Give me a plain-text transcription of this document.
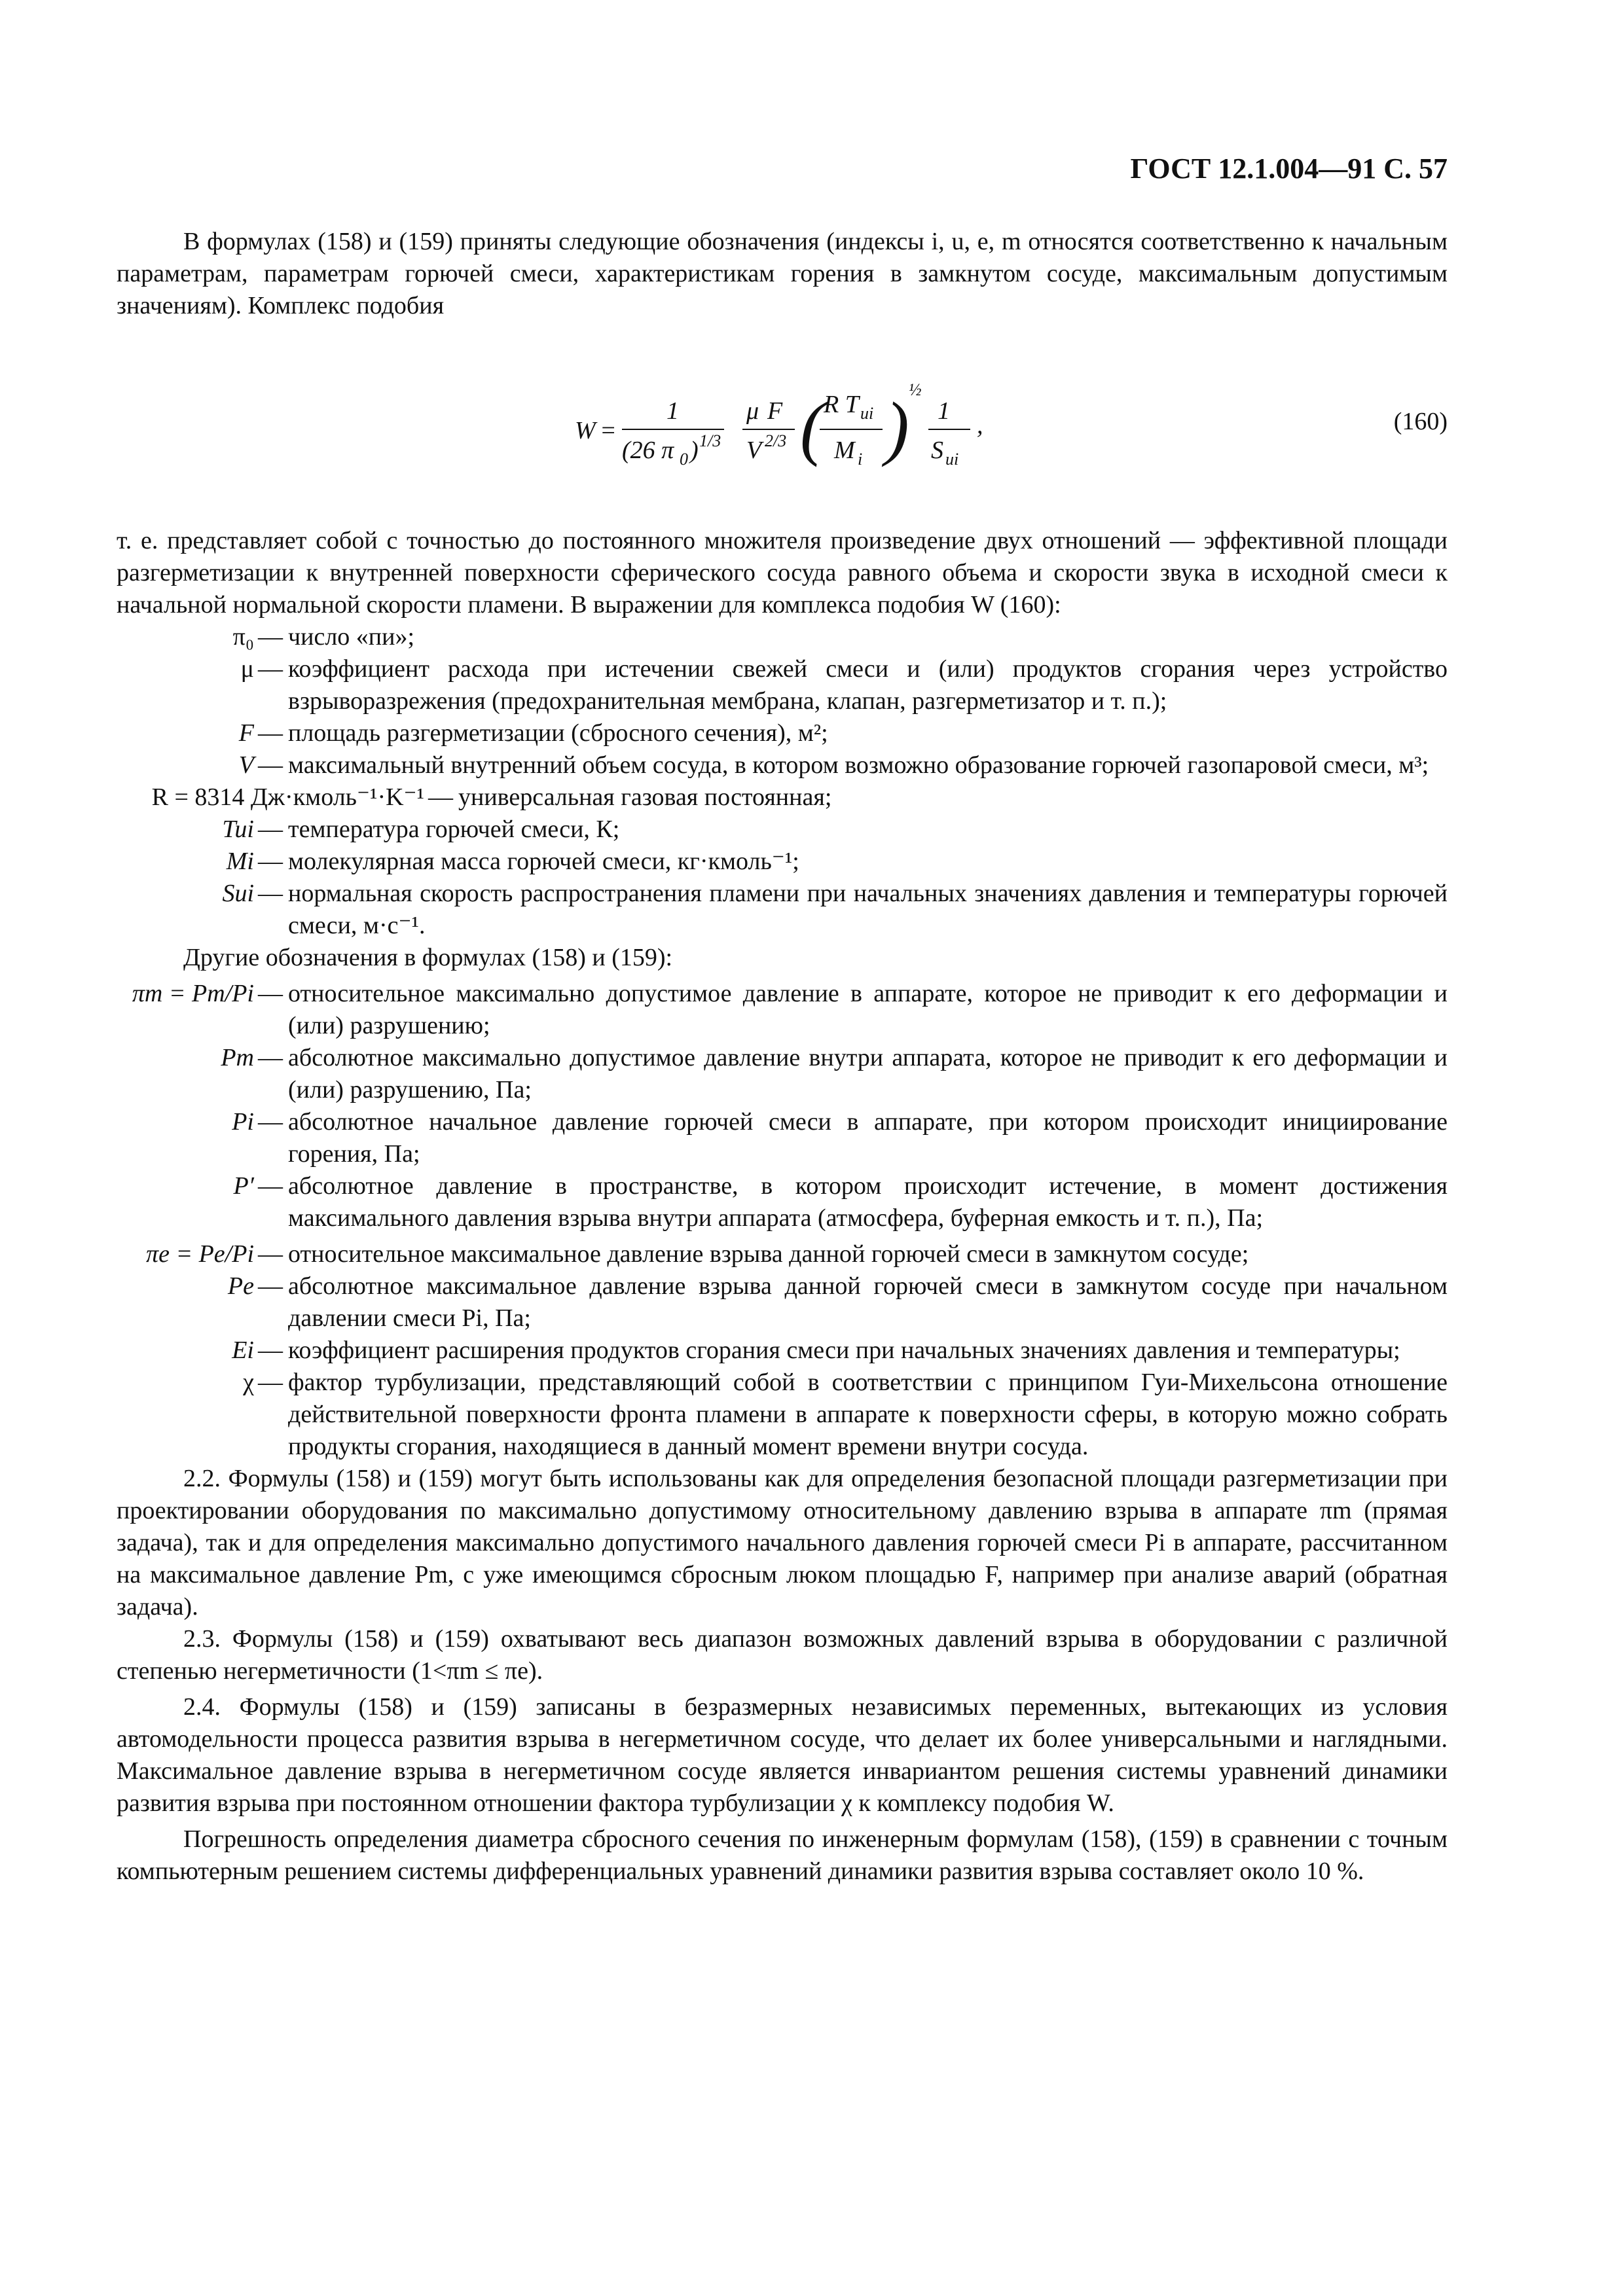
ГОСТ 12.1.004—91 С. 57

В формулах (158) и (159) приняты следующие обозначения (индексы i, u, e, m относятся соответственно к начальным параметрам, параметрам горючей смеси, характеристикам горения в замкнутом сосуде, максимальным допустимым значениям). Комплекс подобия

W =
1
(26 π 0 ) 1/3
μ F
V 2/3 ( R T ui
M i ) ½
1
S ui
,	(160)

т. е. представляет собой с точностью до постоянного множителя произведение двух отношений — эффективной площади разгерметизации к внутренней поверхности сферического сосуда равного объема и скорости звука в исходной смеси к начальной нормальной скорости пламени. В выражении для комплекса подобия W (160):

π₀ — число «пи»;
μ — коэффициент расхода при истечении свежей смеси и (или) продуктов сгорания через устройство взрыворазрежения (предохранительная мембрана, клапан, разгерметизатор и т. п.);
F — площадь разгерметизации (сбросного сечения), м²;
V — максимальный внутренний объем сосуда, в котором возможно образование горючей газопаровой смеси, м³;
R = 8314 Дж·кмоль⁻¹·K⁻¹ — универсальная газовая постоянная;
Tui — температура горючей смеси, К;
Mi — молекулярная масса горючей смеси, кг·кмоль⁻¹;
Sui — нормальная скорость распространения пламени при начальных значениях давления и температуры горючей смеси, м·с⁻¹.

Другие обозначения в формулах (158) и (159):

πm = Pm/Pi — относительное максимально допустимое давление в аппарате, которое не приводит к его деформации и (или) разрушению;
Pm — абсолютное максимально допустимое давление внутри аппарата, которое не приводит к его деформации и (или) разрушению, Па;
Pi — абсолютное начальное давление горючей смеси в аппарате, при котором происходит инициирование горения, Па;
P′ — абсолютное давление в пространстве, в котором происходит истечение, в момент достижения максимального давления взрыва внутри аппарата (атмосфера, буферная емкость и т. п.), Па;
πe = Pe/Pi — относительное максимальное давление взрыва данной горючей смеси в замкнутом сосуде;
Pe — абсолютное максимальное давление взрыва данной горючей смеси в замкнутом сосуде при начальном давлении смеси Pi, Па;
Ei — коэффициент расширения продуктов сгорания смеси при начальных значениях давления и температуры;
χ — фактор турбулизации, представляющий собой в соответствии с принципом Гуи-Михельсона отношение действительной поверхности фронта пламени в аппарате к поверхности сферы, в которую можно собрать продукты сгорания, находящиеся в данный момент времени внутри сосуда.

2.2. Формулы (158) и (159) могут быть использованы как для определения безопасной площади разгерметизации при проектировании оборудования по максимально допустимому относительному давлению взрыва в аппарате πm (прямая задача), так и для определения максимально допустимого начального давления горючей смеси Pi в аппарате, рассчитанном на максимальное давление Pm, с уже имеющимся сбросным люком площадью F, например при анализе аварий (обратная задача).

2.3. Формулы (158) и (159) охватывают весь диапазон возможных давлений взрыва в оборудовании с различной степенью негерметичности (1<πm ≤ πe).

2.4. Формулы (158) и (159) записаны в безразмерных независимых переменных, вытекающих из условия автомодельности процесса развития взрыва в негерметичном сосуде, что делает их более универсальными и наглядными. Максимальное давление взрыва в негерметичном сосуде является инвариантом решения системы уравнений динамики развития взрыва при постоянном отношении фактора турбулизации χ к комплексу подобия W.

Погрешность определения диаметра сбросного сечения по инженерным формулам (158), (159) в сравнении с точным компьютерным решением системы дифференциальных уравнений динамики развития взрыва составляет около 10 %.
